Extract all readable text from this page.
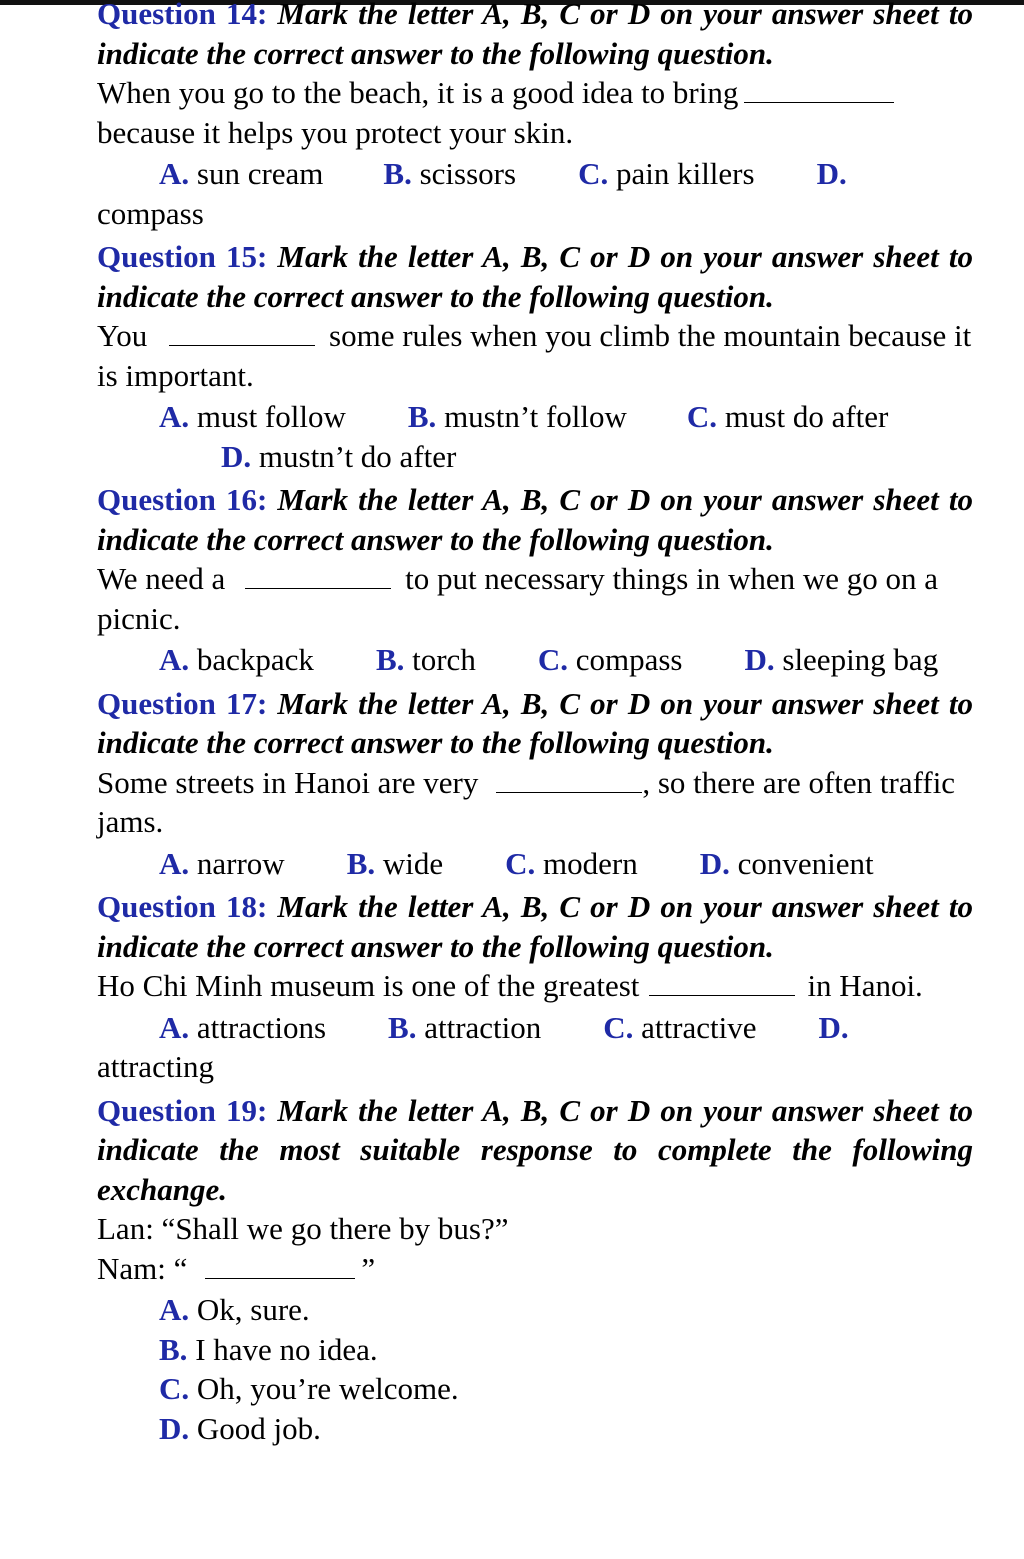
Question 14: Mark the letter A, B, C or D on your answer sheet to indicate the correct answer to the following question.
When you go to the beach, it is a good idea to bring because it helps you protect your skin.
A. sun cream B. scissors C. pain killers D.
compass
Question 15: Mark the letter A, B, C or D on your answer sheet to indicate the correct answer to the following question.
You	some rules when you climb the mountain because it is important.
A. must follow B. mustn’t follow C. must do after
D. mustn’t do after
Question 16: Mark the letter A, B, C or D on your answer sheet to indicate the correct answer to the following question.
We need a	to put necessary things in when we go on a picnic.
A. backpack B. torch C. compass D. sleeping bag
Question 17: Mark the letter A, B, C or D on your answer sheet to indicate the correct answer to the following question.
Some streets in Hanoi are very	, so there are often traffic jams.
A. narrow B. wide C. modern D. convenient
Question 18: Mark the letter A, B, C or D on your answer sheet to indicate the correct answer to the following question.
Ho Chi Minh museum is one of the greatest	in Hanoi.
A. attractions B. attraction C. attractive D.
attracting
Question 19: Mark the letter A, B, C or D on your answer sheet to indicate the most suitable response to complete the following exchange.
Lan: “Shall we go there by bus?”
Nam: “	”
A. Ok, sure.
B. I have no idea.
C. Oh, you’re welcome.
D. Good job.
